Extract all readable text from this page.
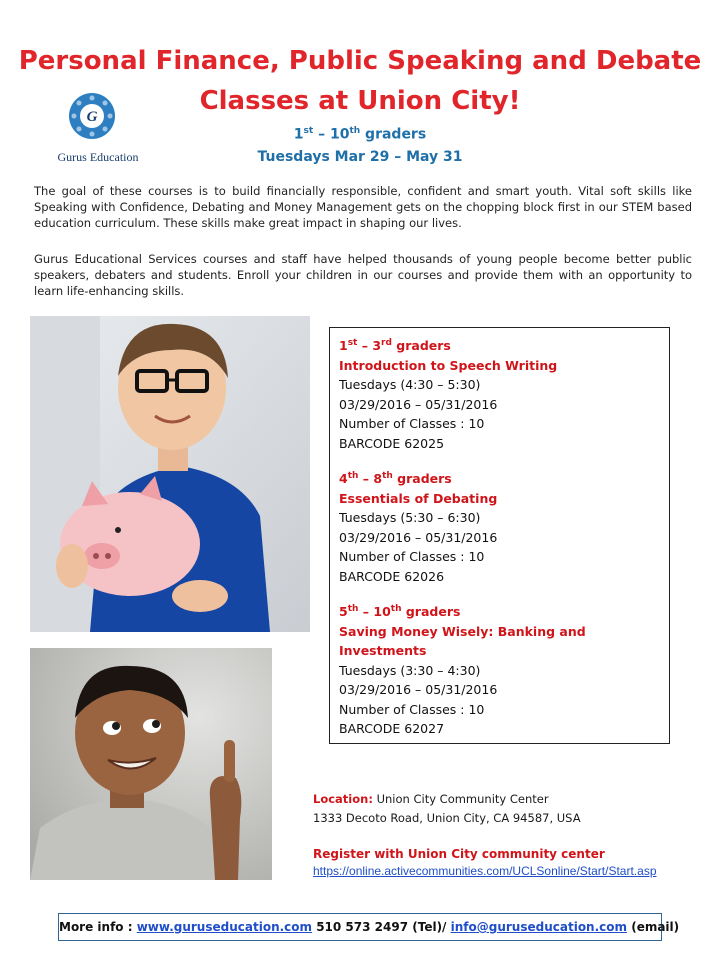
Personal Finance, Public Speaking and Debate
Classes at Union City!
1st – 10th graders
Tuesdays Mar 29 – May 31
G
Gurus Education
The goal of these courses is to build financially responsible, confident and smart youth. Vital soft skills like Speaking with Confidence, Debating and Money Management gets on the chopping block first in our STEM based education curriculum. These skills make great impact in shaping our lives.
Gurus Educational Services courses and staff have helped thousands of young people become better public speakers, debaters and students. Enroll your children in our courses and provide them with an opportunity to learn life-enhancing skills.
1st – 3rd graders
Introduction to Speech Writing
Tuesdays (4:30 – 5:30)
03/29/2016 – 05/31/2016
Number of Classes : 10
BARCODE 62025
4th – 8th graders
Essentials of Debating
Tuesdays (5:30 – 6:30)
03/29/2016 – 05/31/2016
Number of Classes : 10
BARCODE 62026
5th – 10th graders
Saving Money Wisely: Banking and Investments
Tuesdays (3:30 – 4:30)
03/29/2016 – 05/31/2016
Number of Classes : 10
BARCODE 62027
Location: Union City Community Center
1333 Decoto Road, Union City, CA 94587, USA
Register with Union City community center
https://online.activecommunities.com/UCLSonline/Start/Start.asp
More info : www.guruseducation.com 510 573 2497 (Tel)/ info@guruseducation.com (email)
